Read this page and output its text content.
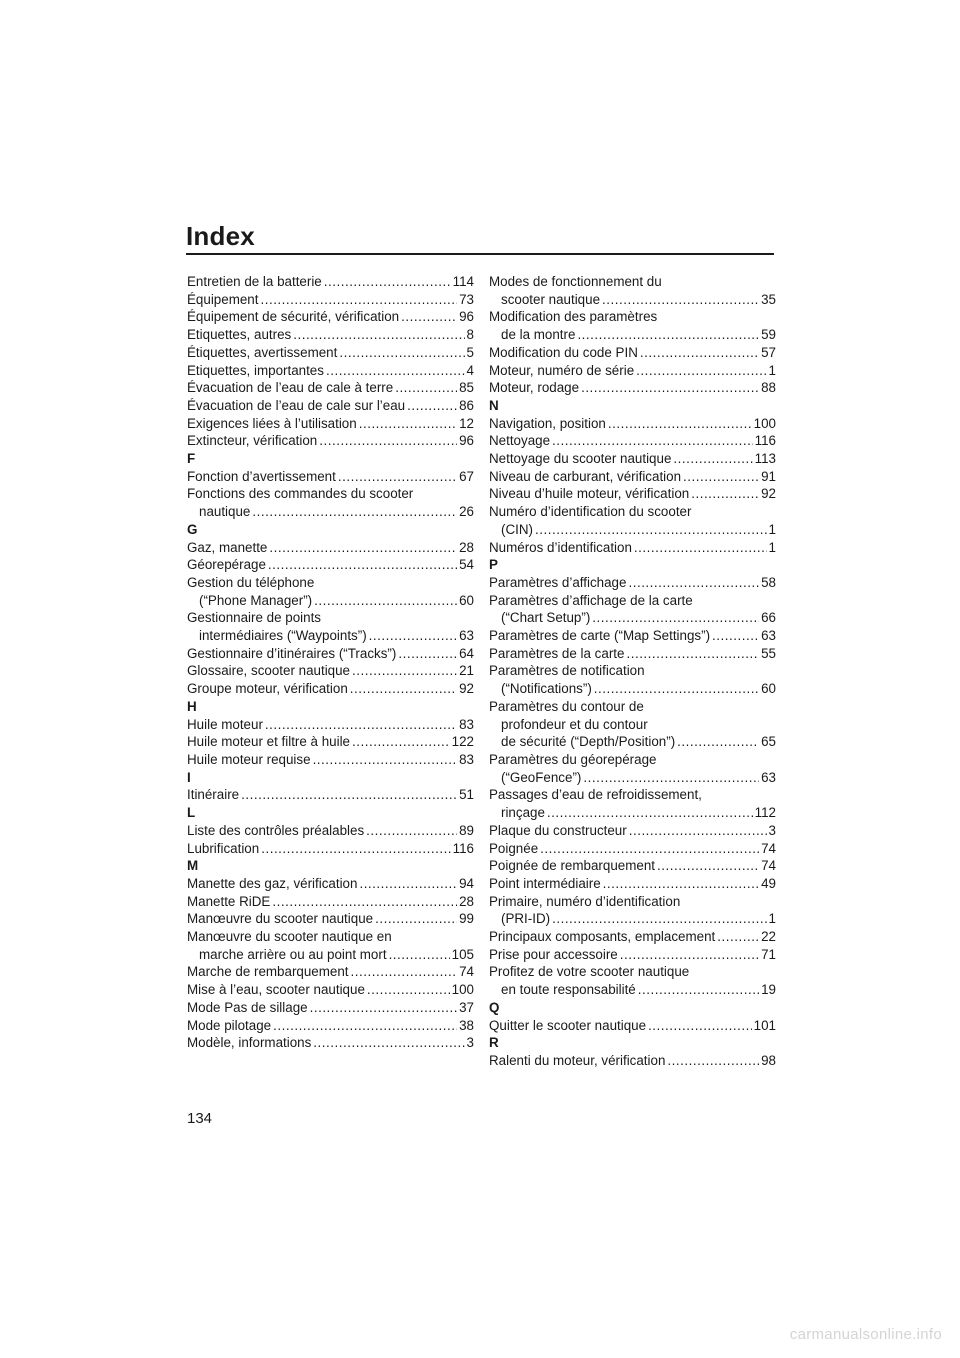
Index
Entretien de la batterie . . .	114
Équipement . . .	73
Équipement de sécurité, vérification . . .	96
Etiquettes, autres . . .	8
Étiquettes, avertissement . . .	5
Etiquettes, importantes . . .	4
Évacuation de l’eau de cale à terre . . .	85
Évacuation de l’eau de cale sur l’eau . . .	86
Exigences liées à l’utilisation . . .	12
Extincteur, vérification . . .	96
F
Fonction d’avertissement . . .	67
Fonctions des commandes du scooter
nautique . . .	26
G
Gaz, manette . . .	28
Géorepérage . . .	54
Gestion du téléphone
(“Phone Manager”) . . .	60
Gestionnaire de points
intermédiaires (“Waypoints”) . . .	63
Gestionnaire d’itinéraires (“Tracks”) . . .	64
Glossaire, scooter nautique . . .	21
Groupe moteur, vérification . . .	92
H
Huile moteur . . .	83
Huile moteur et filtre à huile . . .	122
Huile moteur requise . . .	83
I
Itinéraire . . .	51
L
Liste des contrôles préalables . . .	89
Lubrification . . .	116
M
Manette des gaz, vérification . . .	94
Manette RiDE . . .	28
Manœuvre du scooter nautique . . .	99
Manœuvre du scooter nautique en
marche arrière ou au point mort . . .	105
Marche de rembarquement . . .	74
Mise à l’eau, scooter nautique . . .	100
Mode Pas de sillage . . .	37
Mode pilotage . . .	38
Modèle, informations . . .	3
Modes de fonctionnement du
scooter nautique . . .	35
Modification des paramètres
de la montre . . .	59
Modification du code PIN . . .	57
Moteur, numéro de série . . .	1
Moteur, rodage . . .	88
N
Navigation, position . . .	100
Nettoyage . . .	116
Nettoyage du scooter nautique . . .	113
Niveau de carburant, vérification . . .	91
Niveau d’huile moteur, vérification . . .	92
Numéro d’identification du scooter
(CIN) . . .	1
Numéros d’identification . . .	1
P
Paramètres d’affichage . . .	58
Paramètres d’affichage de la carte
(“Chart Setup”) . . .	66
Paramètres de carte (“Map Settings”) . . .	63
Paramètres de la carte . . .	55
Paramètres de notification
(“Notifications”) . . .	60
Paramètres du contour de
profondeur et du contour
de sécurité (“Depth/Position”) . . .	65
Paramètres du géorepérage
(“GeoFence”) . . .	63
Passages d’eau de refroidissement,
rinçage . . .	112
Plaque du constructeur . . .	3
Poignée . . .	74
Poignée de rembarquement . . .	74
Point intermédiaire . . .	49
Primaire, numéro d’identification
(PRI-ID) . . .	1
Principaux composants, emplacement . . .	22
Prise pour accessoire . . .	71
Profitez de votre scooter nautique
en toute responsabilité . . .	19
Q
Quitter le scooter nautique . . .	101
R
Ralenti du moteur, vérification . . .	98
134
carmanualsonline.info
